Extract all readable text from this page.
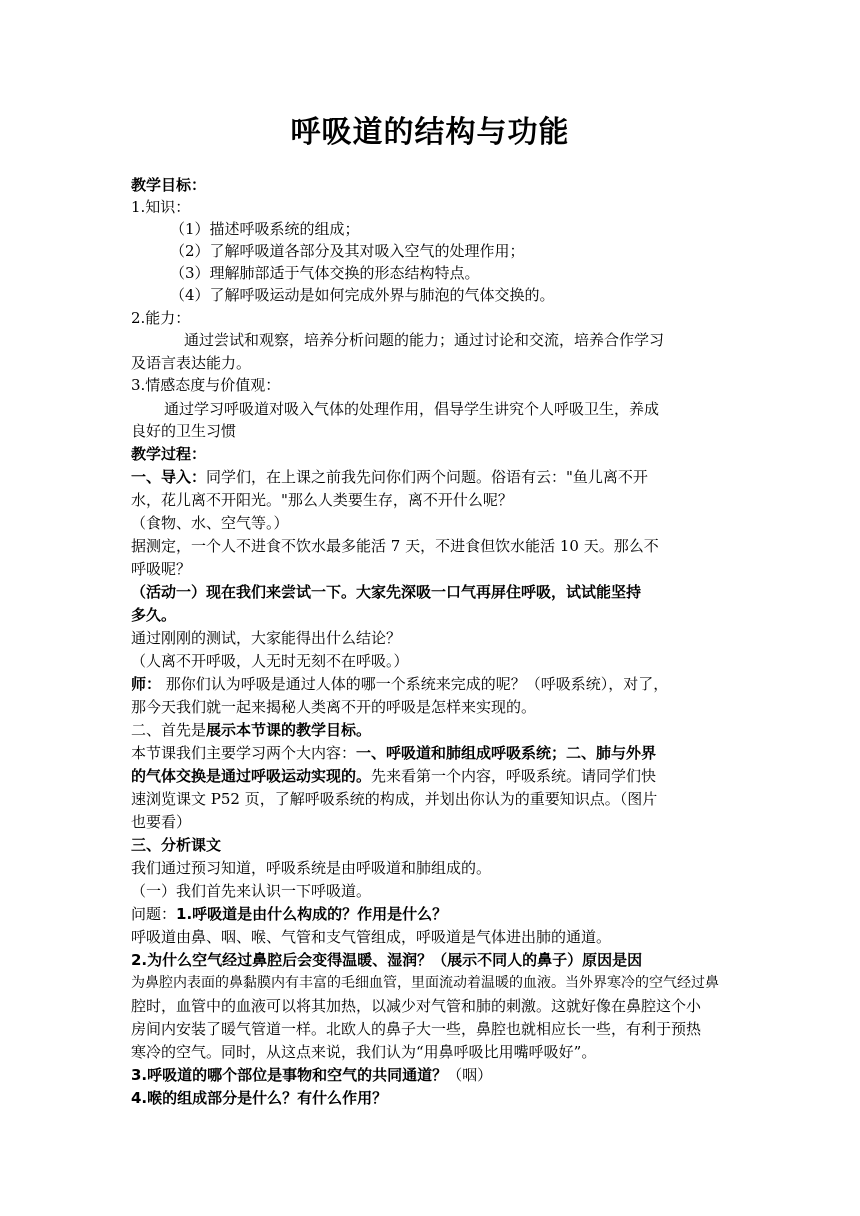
呼吸道的结构与功能
教学目标：
1.知识：
（1）描述呼吸系统的组成；
（2）了解呼吸道各部分及其对吸入空气的处理作用；
（3）理解肺部适于气体交换的形态结构特点。
（4）了解呼吸运动是如何完成外界与肺泡的气体交换的。
2.能力：
通过尝试和观察，培养分析问题的能力；通过讨论和交流，培养合作学习
及语言表达能力。
3.情感态度与价值观：
通过学习呼吸道对吸入气体的处理作用，倡导学生讲究个人呼吸卫生，养成
良好的卫生习惯
教学过程：
一、导入：同学们，在上课之前我先问你们两个问题。俗语有云："鱼儿离不开
水，花儿离不开阳光。"那么人类要生存，离不开什么呢？
（食物、水、空气等。）
据测定，一个人不进食不饮水最多能活 7 天，不进食但饮水能活 10 天。那么不
呼吸呢？
（活动一）现在我们来尝试一下。大家先深吸一口气再屏住呼吸，试试能坚持
多久。
通过刚刚的测试，大家能得出什么结论？
（人离不开呼吸，人无时无刻不在呼吸。）
师： 那你们认为呼吸是通过人体的哪一个系统来完成的呢？（呼吸系统），对了，
那今天我们就一起来揭秘人类离不开的呼吸是怎样来实现的。
二、首先是展示本节课的教学目标。
本节课我们主要学习两个大内容：一、呼吸道和肺组成呼吸系统；二、肺与外界
的气体交换是通过呼吸运动实现的。先来看第一个内容，呼吸系统。请同学们快
速浏览课文 P52 页，了解呼吸系统的构成，并划出你认为的重要知识点。（图片
也要看）
三、分析课文
我们通过预习知道，呼吸系统是由呼吸道和肺组成的。
（一）我们首先来认识一下呼吸道。
问题：1.呼吸道是由什么构成的？作用是什么？
呼吸道由鼻、咽、喉、气管和支气管组成，呼吸道是气体进出肺的通道。
2.为什么空气经过鼻腔后会变得温暖、湿润？（展示不同人的鼻子）原因是因
为鼻腔内表面的鼻黏膜内有丰富的毛细血管，里面流动着温暖的血液。当外界寒冷的空气经过鼻
腔时，血管中的血液可以将其加热，以减少对气管和肺的刺激。这就好像在鼻腔这个小
房间内安装了暖气管道一样。北欧人的鼻子大一些，鼻腔也就相应长一些，有利于预热
寒冷的空气。同时，从这点来说，我们认为“用鼻呼吸比用嘴呼吸好”。
3.呼吸道的哪个部位是事物和空气的共同通道？（咽）
4.喉的组成部分是什么？有什么作用？
